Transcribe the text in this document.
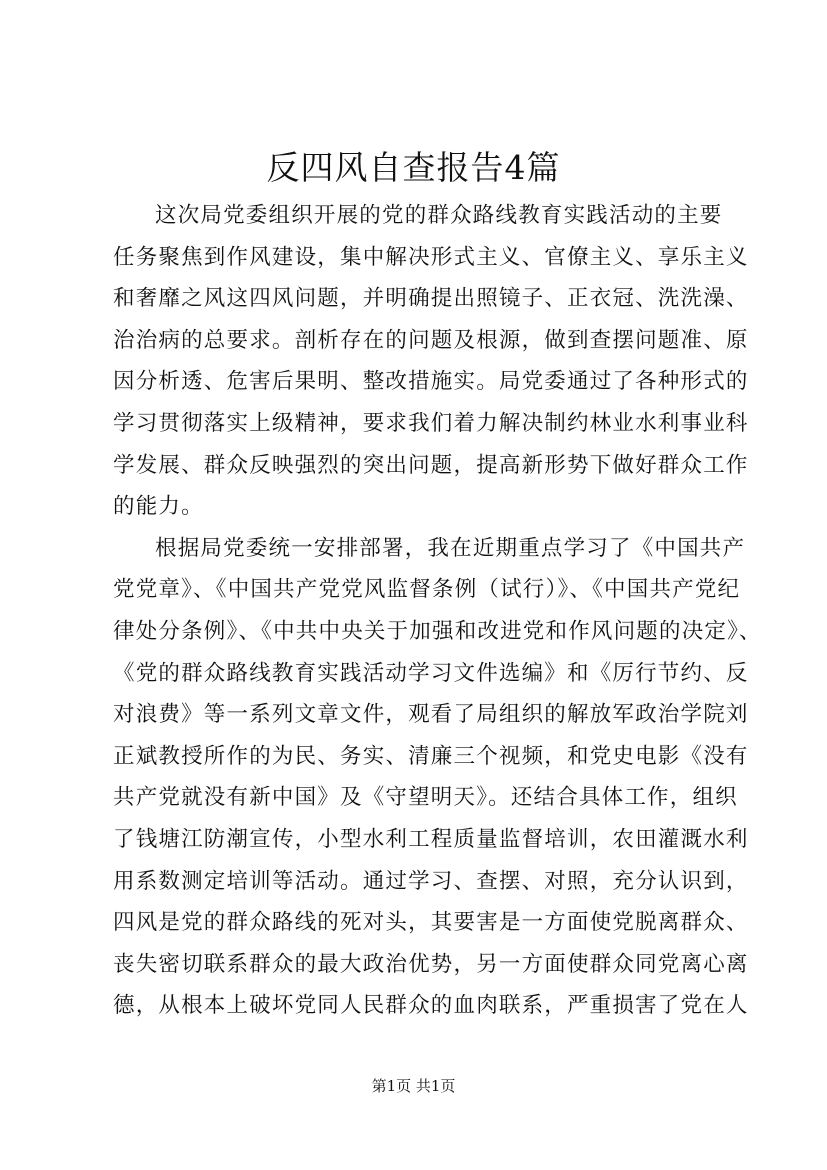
反四风自查报告4篇
这次局党委组织开展的党的群众路线教育实践活动的主要
任务聚焦到作风建设，集中解决形式主义、官僚主义、享乐主义
和奢靡之风这四风问题，并明确提出照镜子、正衣冠、洗洗澡、
治治病的总要求。剖析存在的问题及根源，做到查摆问题准、原
因分析透、危害后果明、整改措施实。局党委通过了各种形式的
学习贯彻落实上级精神，要求我们着力解决制约林业水利事业科
学发展、群众反映强烈的突出问题，提高新形势下做好群众工作
的能力。
根据局党委统一安排部署，我在近期重点学习了《中国共产
党党章》、《中国共产党党风监督条例（试行）》、《中国共产党纪
律处分条例》、《中共中央关于加强和改进党和作风问题的决定》、
《党的群众路线教育实践活动学习文件选编》和《厉行节约、反
对浪费》等一系列文章文件，观看了局组织的解放军政治学院刘
正斌教授所作的为民、务实、清廉三个视频，和党史电影《没有
共产党就没有新中国》及《守望明天》。还结合具体工作，组织
了钱塘江防潮宣传，小型水利工程质量监督培训，农田灌溉水利
用系数测定培训等活动。通过学习、查摆、对照，充分认识到，
四风是党的群众路线的死对头，其要害是一方面使党脱离群众、
丧失密切联系群众的最大政治优势，另一方面使群众同党离心离
德，从根本上破坏党同人民群众的血肉联系，严重损害了党在人
第1页 共1页
